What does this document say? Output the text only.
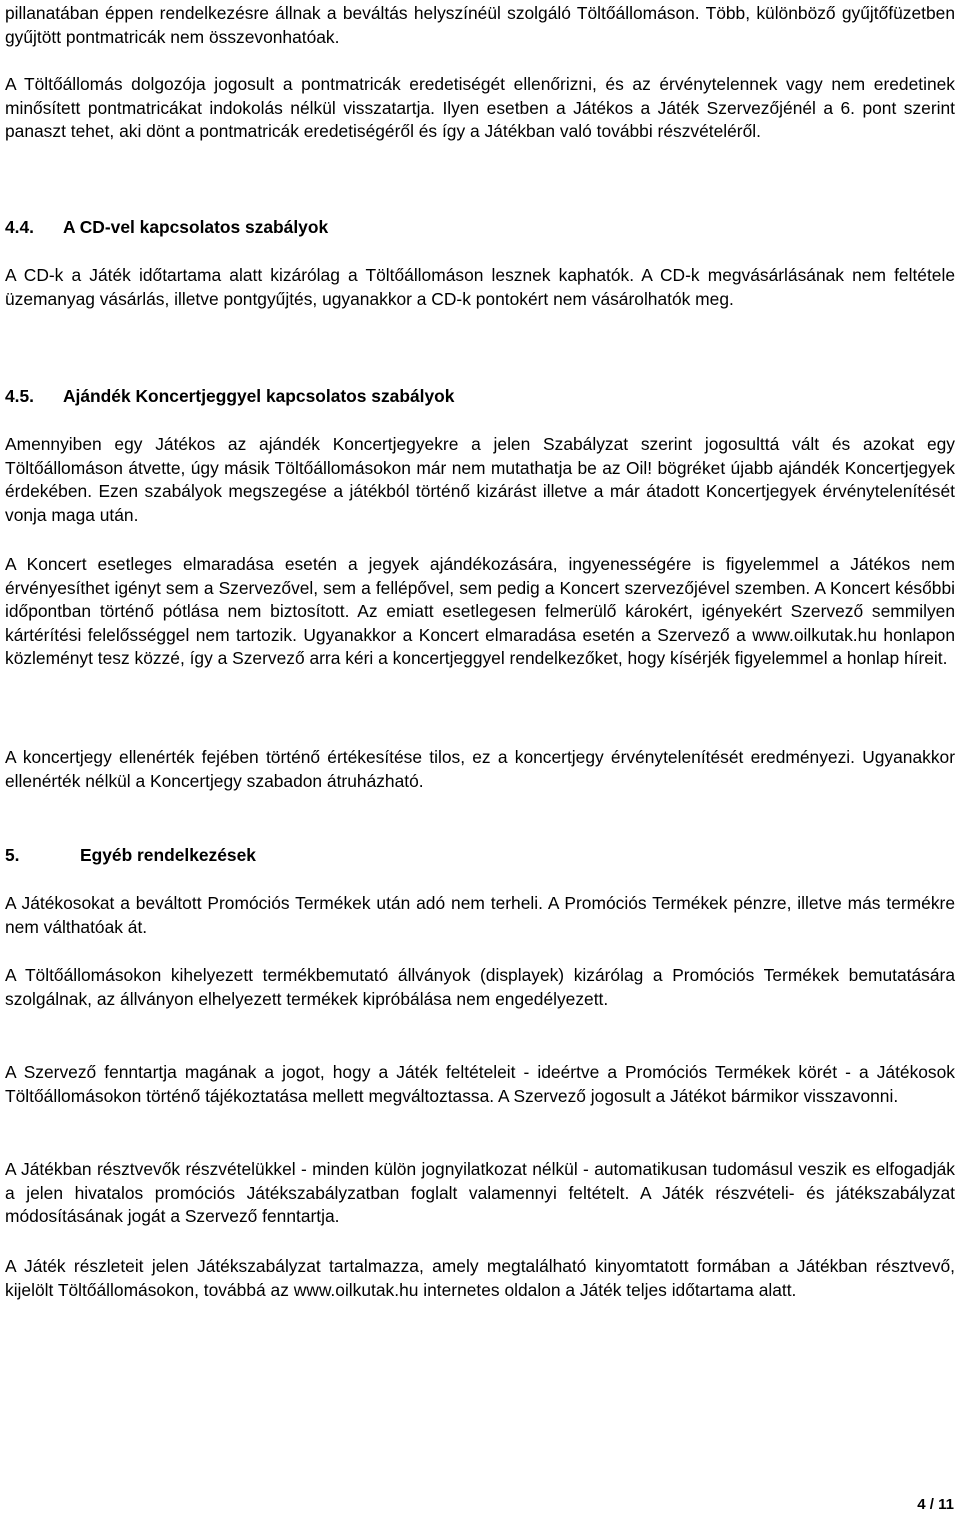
pillanatában éppen rendelkezésre állnak a beváltás helyszínéül szolgáló Töltőállomáson. Több, különböző gyűjtőfüzetben gyűjtött pontmatricák nem összevonhatóak.

A Töltőállomás dolgozója jogosult a pontmatricák eredetiségét ellenőrizni, és az érvénytelennek vagy nem eredetinek minősített pontmatricákat indokolás nélkül visszatartja. Ilyen esetben a Játékos a Játék Szervezőjénél a 6. pont szerint panaszt tehet, aki dönt a pontmatricák eredetiségéről és így a Játékban való további részvételéről.

4.4. A CD-vel kapcsolatos szabályok

A CD-k a Játék időtartama alatt kizárólag a Töltőállomáson lesznek kaphatók. A CD-k megvásárlásának nem feltétele üzemanyag vásárlás, illetve pontgyűjtés, ugyanakkor a CD-k pontokért nem vásárolhatók meg.

4.5. Ajándék Koncertjeggyel kapcsolatos szabályok

Amennyiben egy Játékos az ajándék Koncertjegyekre a jelen Szabályzat szerint jogosulttá vált és azokat egy Töltőállomáson átvette, úgy másik Töltőállomásokon már nem mutathatja be az Oil! bögréket újabb ajándék Koncertjegyek érdekében. Ezen szabályok megszegése a játékból történő kizárást illetve a már átadott Koncertjegyek érvénytelenítését vonja maga után.

A Koncert esetleges elmaradása esetén a jegyek ajándékozására, ingyenességére is figyelemmel a Játékos nem érvényesíthet igényt sem a Szervezővel, sem a fellépővel, sem pedig a Koncert szervezőjével szemben. A Koncert későbbi időpontban történő pótlása nem biztosított. Az emiatt esetlegesen felmerülő károkért, igényekért Szervező semmilyen kártérítési felelősséggel nem tartozik. Ugyanakkor a Koncert elmaradása esetén a Szervező a www.oilkutak.hu honlapon közleményt tesz közzé, így a Szervező arra kéri a koncertjeggyel rendelkezőket, hogy kísérjék figyelemmel a honlap híreit.

A koncertjegy ellenérték fejében történő értékesítése tilos, ez a koncertjegy érvénytelenítését eredményezi. Ugyanakkor ellenérték nélkül a Koncertjegy szabadon átruházható.

5.	Egyéb rendelkezések

A Játékosokat a beváltott Promóciós Termékek után adó nem terheli. A Promóciós Termékek pénzre, illetve más termékre nem válthatóak át.

A Töltőállomásokon kihelyezett termékbemutató állványok (displayek) kizárólag a Promóciós Termékek bemutatására szolgálnak, az állványon elhelyezett termékek kipróbálása nem engedélyezett.

A Szervező fenntartja magának a jogot, hogy a Játék feltételeit - ideértve a Promóciós Termékek körét - a Játékosok Töltőállomásokon történő tájékoztatása mellett megváltoztassa. A Szervező jogosult a Játékot bármikor visszavonni.

A Játékban résztvevők részvételükkel - minden külön jognyilatkozat nélkül - automatikusan tudomásul veszik es elfogadják a jelen hivatalos promóciós Játékszabályzatban foglalt valamennyi feltételt. A Játék részvételi- és játékszabályzat módosításának jogát a Szervező fenntartja.

A Játék részleteit jelen Játékszabályzat tartalmazza, amely megtalálható kinyomtatott formában a Játékban résztvevő, kijelölt Töltőállomásokon, továbbá az www.oilkutak.hu internetes oldalon a Játék teljes időtartama alatt.

4 / 11
